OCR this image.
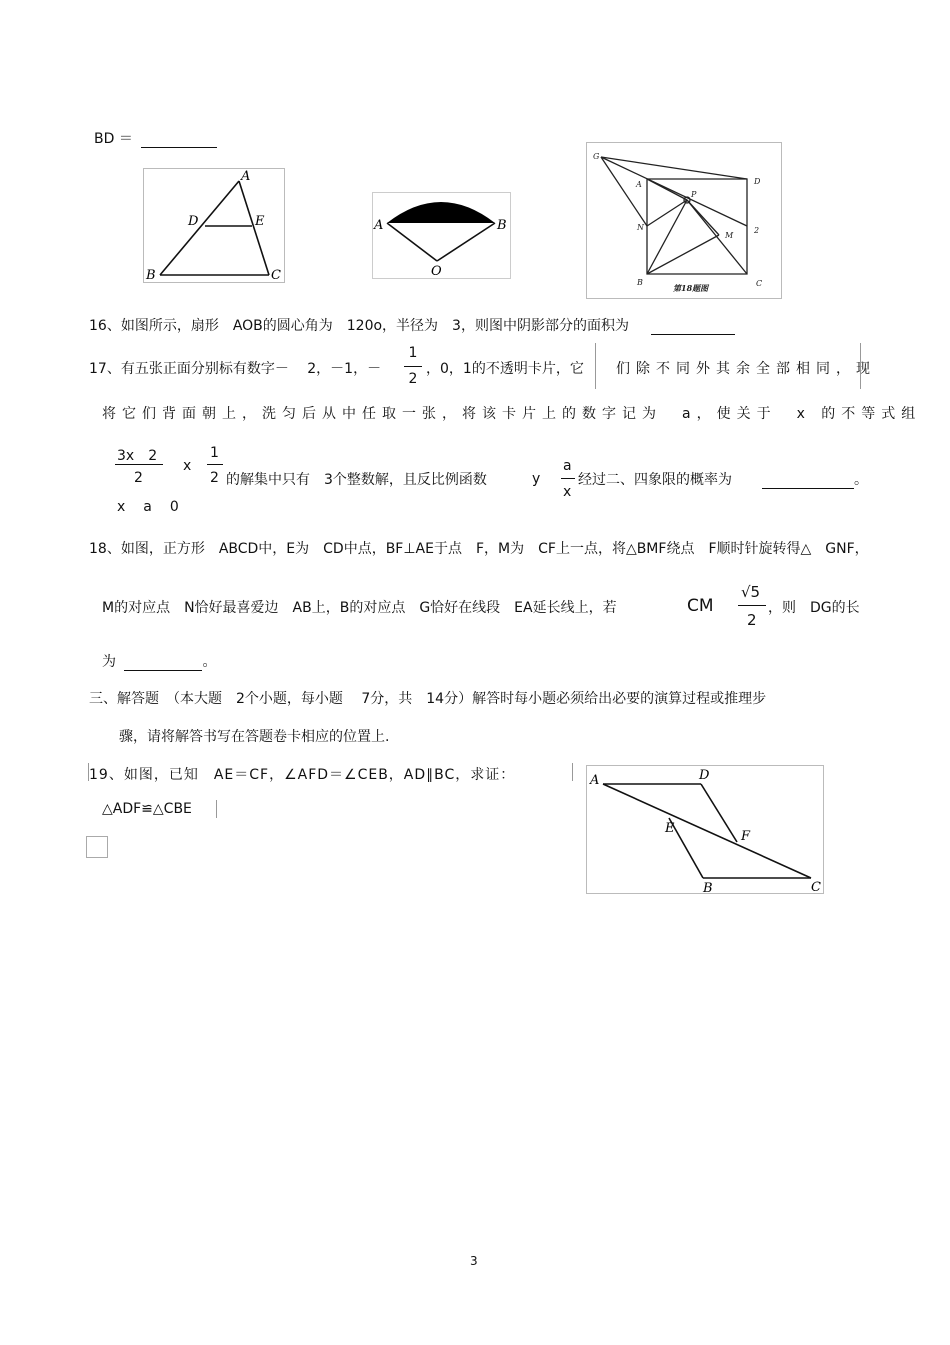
BD ＝
A
D	E
B	C
A	B
O
G
D
A
P
N
M
2
B	C
第18题图
16、如图所示，扇形　AOB的圆心角为　120o，半径为　3，则图中阴影部分的面积为
17、有五张正面分别标有数字－　 2，－1，－
1
2
，0，1的不透明卡片，它 们除不同外其余全部相同，现
将它们背面朝上，洗匀后从中任取一张，将该卡片上的数字记为　a，使关于　x 的不等式组
3x　2
2
x
1
2
x　a　0
的解集中只有　3个整数解，且反比例函数	y
a
x
经过二、四象限的概率为	。
18、如图，正方形　ABCD中，E为　CD中点，BF⊥AE于点　F，M为　CF上一点，将△BMF绕点　F顺时针旋转得△　GNF，
M的对应点　N恰好最喜爱边　AB上，B的对应点　G恰好在线段　EA延长线上，若	CM
√5
2
，则　DG的长
为	。
三、解答题　（本大题　2个小题，每小题　 7分，共　14分）解答时每小题必须给出必要的演算过程或推理步
骤，请将解答书写在答题卷卡相应的位置上.
19、如图，已知　AE＝CF，∠AFD＝∠CEB，AD∥BC，求证：
△ADF≌△CBE
A	D
E
F
B	C
3
